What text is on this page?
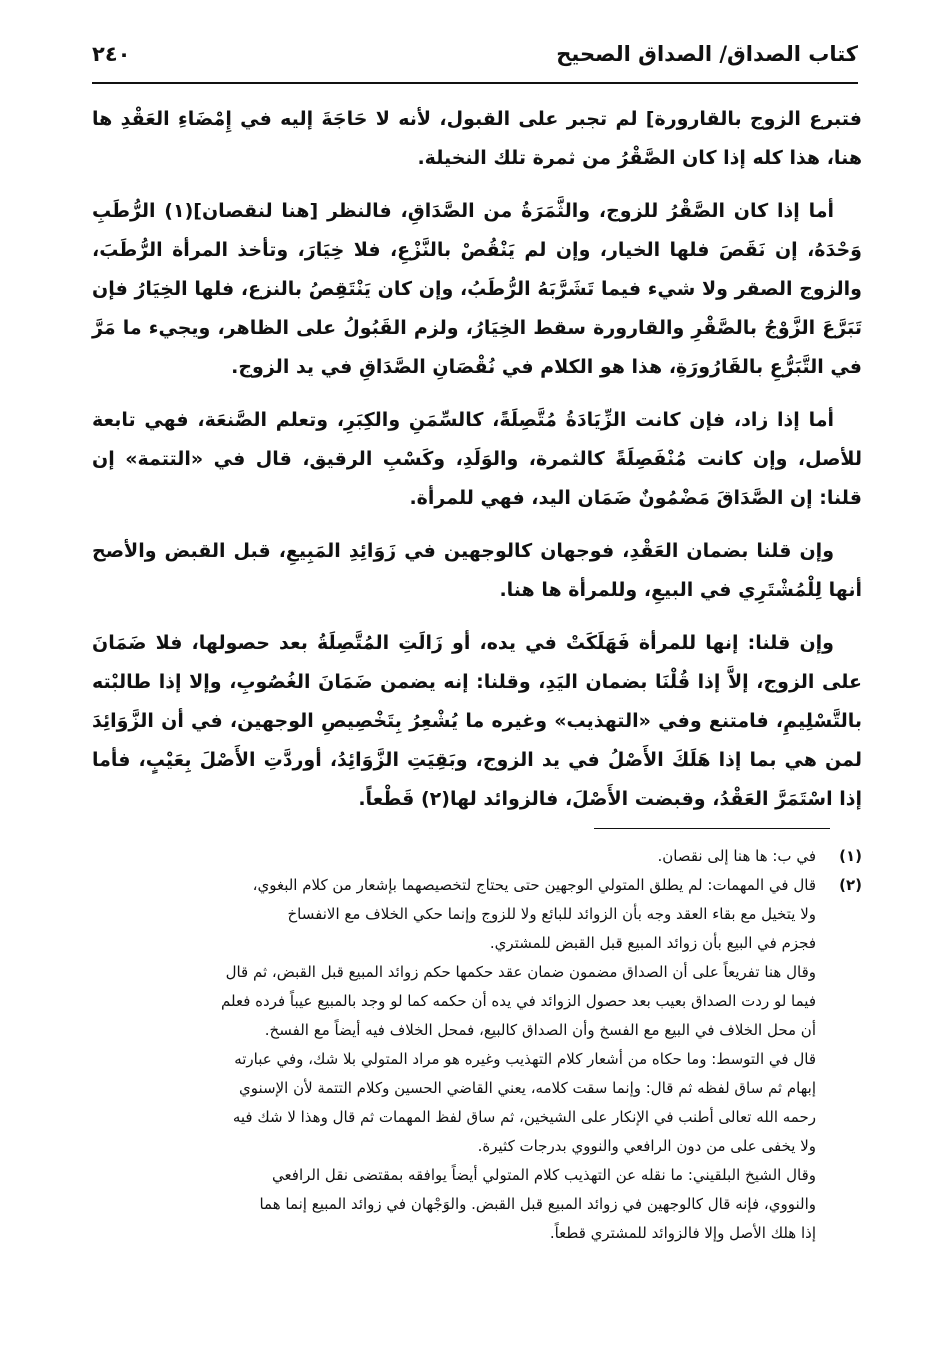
كتاب الصداق/ الصداق الصحيح
٢٤٠

فتبرع الزوج بالقارورة] لم تجبر على القبول، لأنه لا حَاجَةَ إليه في إِمْضَاءِ العَقْدِ ها هنا، هذا كله إذا كان الصَّقْرُ من ثمرة تلك النخيلة.

أما إذا كان الصَّقْرُ للزوج، والثَّمَرَةُ من الصَّدَاقِ، فالنظر [هنا لنقصان](١) الرُّطَبِ وَحْدَهُ، إن نَقَصَ فلها الخيار، وإن لم يَنْقُصْ بالنَّزْعِ، فلا خِيَارَ، وتأخذ المرأة الرُّطَبَ، والزوج الصقر ولا شيء فيما تَشَرَّبَهُ الرُّطَبُ، وإن كان يَنْتَقِصُ بالنزع، فلها الخِيَارُ فإن تَبَرَّعَ الزَّوْجُ بالصَّقْرِ والقارورة سقط الخِيَارُ، ولزم القَبُولُ على الظاهر، ويجيء ما مَرَّ في التَّبَرُّعِ بالقَارُورَةِ، هذا هو الكلام في نُقْصَانِ الصَّدَاقِ في يد الزوج.

أما إذا زاد، فإن كانت الزِّيَادَةُ مُتَّصِلَةً، كالسِّمَنِ والكِبَرِ، وتعلم الصَّنعَة، فهي تابعة للأصل، وإن كانت مُنْفَصِلَةً كالثمرة، والوَلَدِ، وكَسْبِ الرقيق، قال في «التتمة» إن قلنا: إن الصَّدَاقَ مَضْمُونٌ ضَمَان اليد، فهي للمرأة.

وإن قلنا بضمان العَقْدِ، فوجهان كالوجهين في زَوَائِدِ المَبِيعِ، قبل القبض والأصح أنها لِلْمُشْتَرِي في البيعِ، وللمرأة ها هنا.

وإن قلنا: إنها للمرأة فَهَلَكَتْ في يده، أو زَالَتِ المُتَّصِلَةُ بعد حصولها، فلا ضَمَانَ على الزوج، إلاَّ إذا قُلْنَا بضمان اليَدِ، وقلنا: إنه يضمن ضَمَانَ الغُصُوبِ، وإلا إذا طالبْته بالتَّسْلِيمِ، فامتنع وفي «التهذيب» وغيره ما يُشْعِرُ بِتَخْصِيصِ الوجهين، في أن الزَّوَائِدَ لمن هي بما إذا هَلَكَ الأَصْلُ في يد الزوج، وبَقِيَتِ الزَّوَائِدُ، أوردَّتِ الأَصْلَ بِعَيْبٍ، فأما إذا اسْتَمَرَّ العَقْدُ، وقبضت الأَصْلَ، فالزوائد لها(٢) قَطْعاً.

(١)
في ب: ها هنا إلى نقصان.
(٢)
قال في المهمات: لم يطلق المتولي الوجهين حتى يحتاج لتخصيصهما بإشعار من كلام البغوي،
ولا يتخيل مع بقاء العقد وجه بأن الزوائد للبائع ولا للزوج وإنما حكي الخلاف مع الانفساخ
فجزم في البيع بأن زوائد المبيع قبل القبض للمشتري.
وقال هنا تفريعاً على أن الصداق مضمون ضمان عقد حكمها حكم زوائد المبيع قبل القبض، ثم قال
فيما لو ردت الصداق بعيب بعد حصول الزوائد في يده أن حكمه كما لو وجد بالمبيع عيباً فرده فعلم
أن محل الخلاف في البيع مع الفسخ وأن الصداق كالبيع، فمحل الخلاف فيه أيضاً مع الفسخ.
قال في التوسط: وما حكاه من أشعار كلام التهذيب وغيره هو مراد المتولي بلا شك، وفي عبارته
إبهام ثم ساق لفظه ثم قال: وإنما سقت كلامه، يعني القاضي الحسين وكلام التتمة لأن الإسنوي
رحمه الله تعالى أطنب في الإنكار على الشيخين، ثم ساق لفظ المهمات ثم قال وهذا لا شك فيه
ولا يخفى على من دون الرافعي والنووي بدرجات كثيرة.
وقال الشيخ البلقيني: ما نقله عن التهذيب كلام المتولي أيضاً يوافقه بمقتضى نقل الرافعي
والنووي، فإنه قال كالوجهين في زوائد المبيع قبل القبض. والوَجْهان في زوائد المبيع إنما هما
إذا هلك الأصل وإلا فالزوائد للمشتري قطعاً.
